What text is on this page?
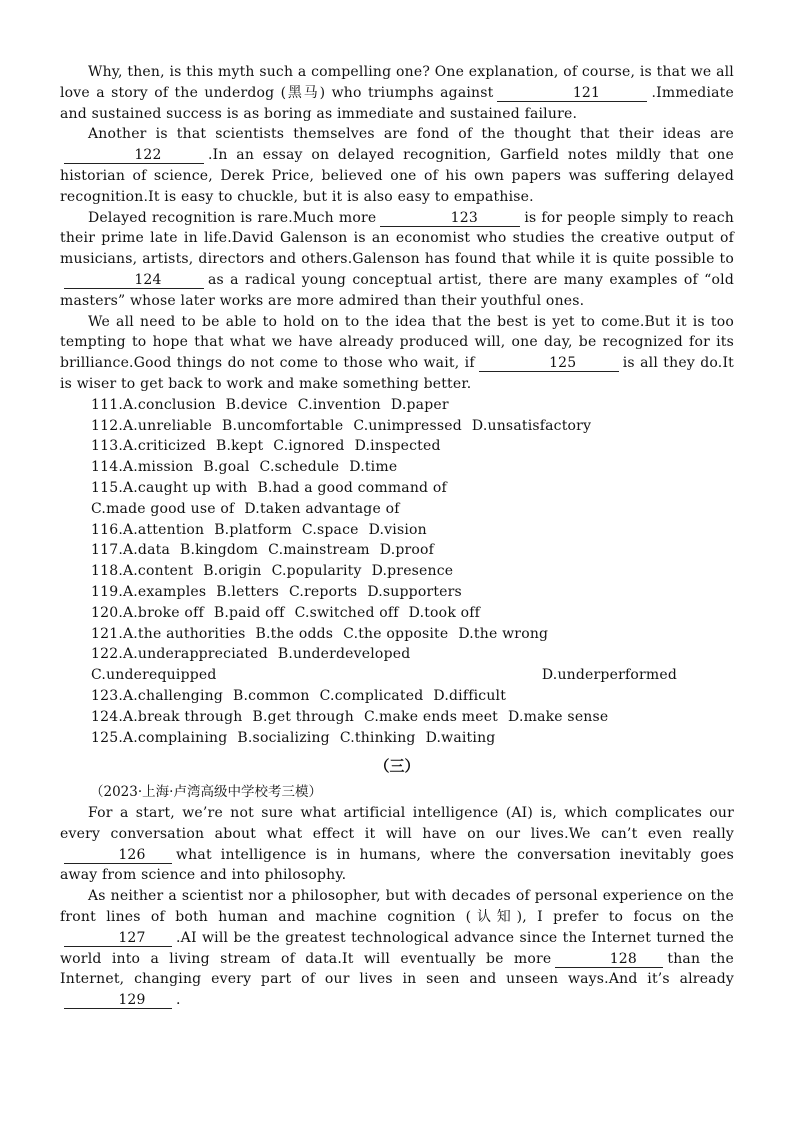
Why, then, is this myth such a compelling one? One explanation, of course, is that we all love a story of the underdog (黑马) who triumphs against	121	.Immediate and sustained success is as boring as immediate and sustained failure.

Another is that scientists themselves are fond of the thought that their ideas are122	.In an essay on delayed recognition, Garfield notes mildly that one historian of science, Derek Price, believed one of his own papers was suffering delayed recognition.It is easy to chuckle, but it is also easy to empathise.

Delayed recognition is rare.Much more	123	is for people simply to reach their prime late in life.David Galenson is an economist who studies the creative output of musicians, artists, directors and others.Galenson has found that while it is quite possible to124	as a radical young conceptual artist, there are many examples of “old masters” whose later works are more admired than their youthful ones.

We all need to be able to hold on to the idea that the best is yet to come.But it is too tempting to hope that what we have already produced will, one day, be recognized for its brilliance.Good things do not come to those who wait, if	125	is all they do.It is wiser to get back to work and make something better.

111.A.conclusion B.device C.invention D.paper

112.A.unreliable B.uncomfortable C.unimpressed D.unsatisfactory

113.A.criticized B.kept C.ignored D.inspected

114.A.mission B.goal C.schedule D.time

115.A.caught up with B.had a good command of

C.made good use of D.taken advantage of

116.A.attention B.platform C.space D.vision

117.A.data B.kingdom C.mainstream D.proof

118.A.content B.origin C.popularity D.presence

119.A.examples B.letters C.reports D.supporters

120.A.broke off B.paid off C.switched off D.took off

121.A.the authorities B.the odds C.the opposite D.the wrong

122.A.underappreciated B.underdeveloped

C.underequipped	D.underperformed

123.A.challenging B.common C.complicated D.difficult

124.A.break through B.get through C.make ends meet D.make sense

125.A.complaining B.socializing C.thinking D.waiting

（三）

（2023·上海·卢湾高级中学校考三模）

For a start, we’re not sure what artificial intelligence (AI) is, which complicates our every conversation about what effect it will have on our lives.We can’t even really126 what intelligence is in humans, where the conversation inevitably goes away from science and into philosophy.

As neither a scientist nor a philosopher, but with decades of personal experience on the front lines of both human and machine cognition (认知), I prefer to focus on the127 .AI will be the greatest technological advance since the Internet turned the world into a living stream of data.It will eventually be more	128 than the Internet, changing every part of our lives in seen and unseen ways.And it’s already129 .
